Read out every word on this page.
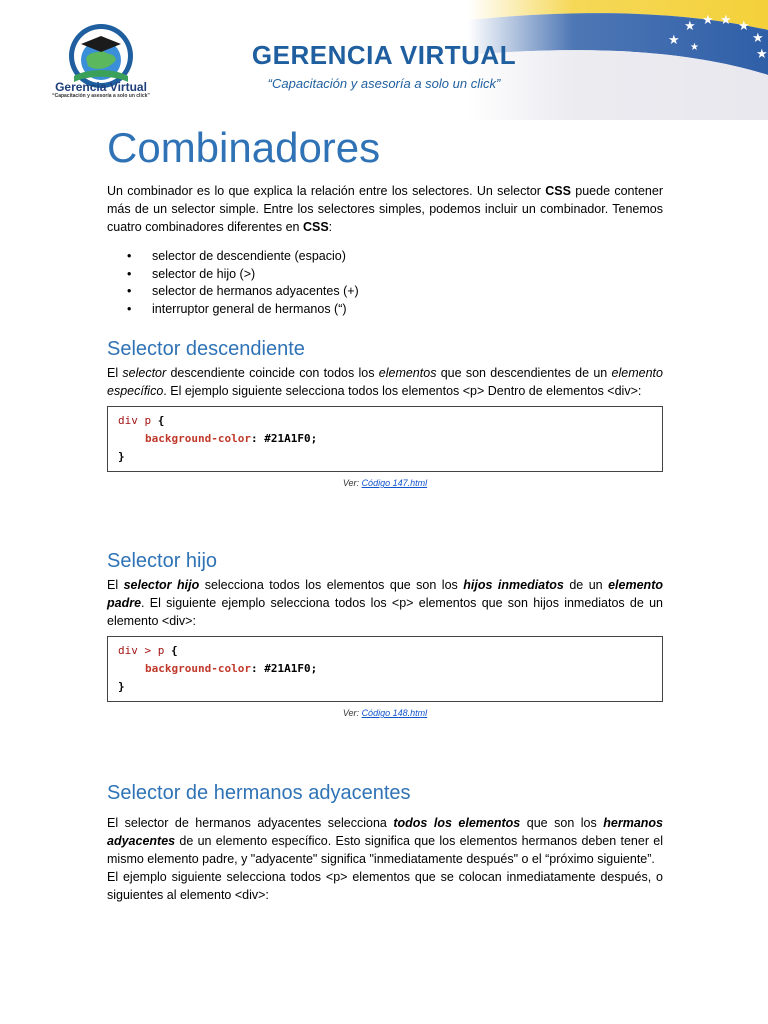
Gerencia Virtual
“Capacitación y asesoría a solo un click”
GERENCIA VIRTUAL
“Capacitación y asesoría a solo un click”
Combinadores

Un combinador es lo que explica la relación entre los selectores. Un selector CSS puede contener más de un selector simple. Entre los selectores simples, podemos incluir un combinador. Tenemos cuatro combinadores diferentes en CSS:

• selector de descendiente (espacio)
• selector de hijo (>)
• selector de hermanos adyacentes (+)
• interruptor general de hermanos (“)
Selector descendiente

El selector descendiente coincide con todos los elementos que son descendientes de un elemento específico. El ejemplo siguiente selecciona todos los elementos <p> Dentro de elementos <div>:

div p {
background-color: #21A1F0;
}
Ver: Código 147.html
Selector hijo

El selector hijo selecciona todos los elementos que son los hijos inmediatos de un elemento padre. El siguiente ejemplo selecciona todos los <p> elementos que son hijos inmediatos de un elemento <div>:

div > p {
background-color: #21A1F0;
}
Ver: Código 148.html
Selector de hermanos adyacentes

El selector de hermanos adyacentes selecciona todos los elementos que son los hermanos adyacentes de un elemento específico. Esto significa que los elementos hermanos deben tener el mismo elemento padre, y "adyacente" significa "inmediatamente después" o el “próximo siguiente”.

El ejemplo siguiente selecciona todos <p> elementos que se colocan inmediatamente después, o siguientes al elemento <div>:
